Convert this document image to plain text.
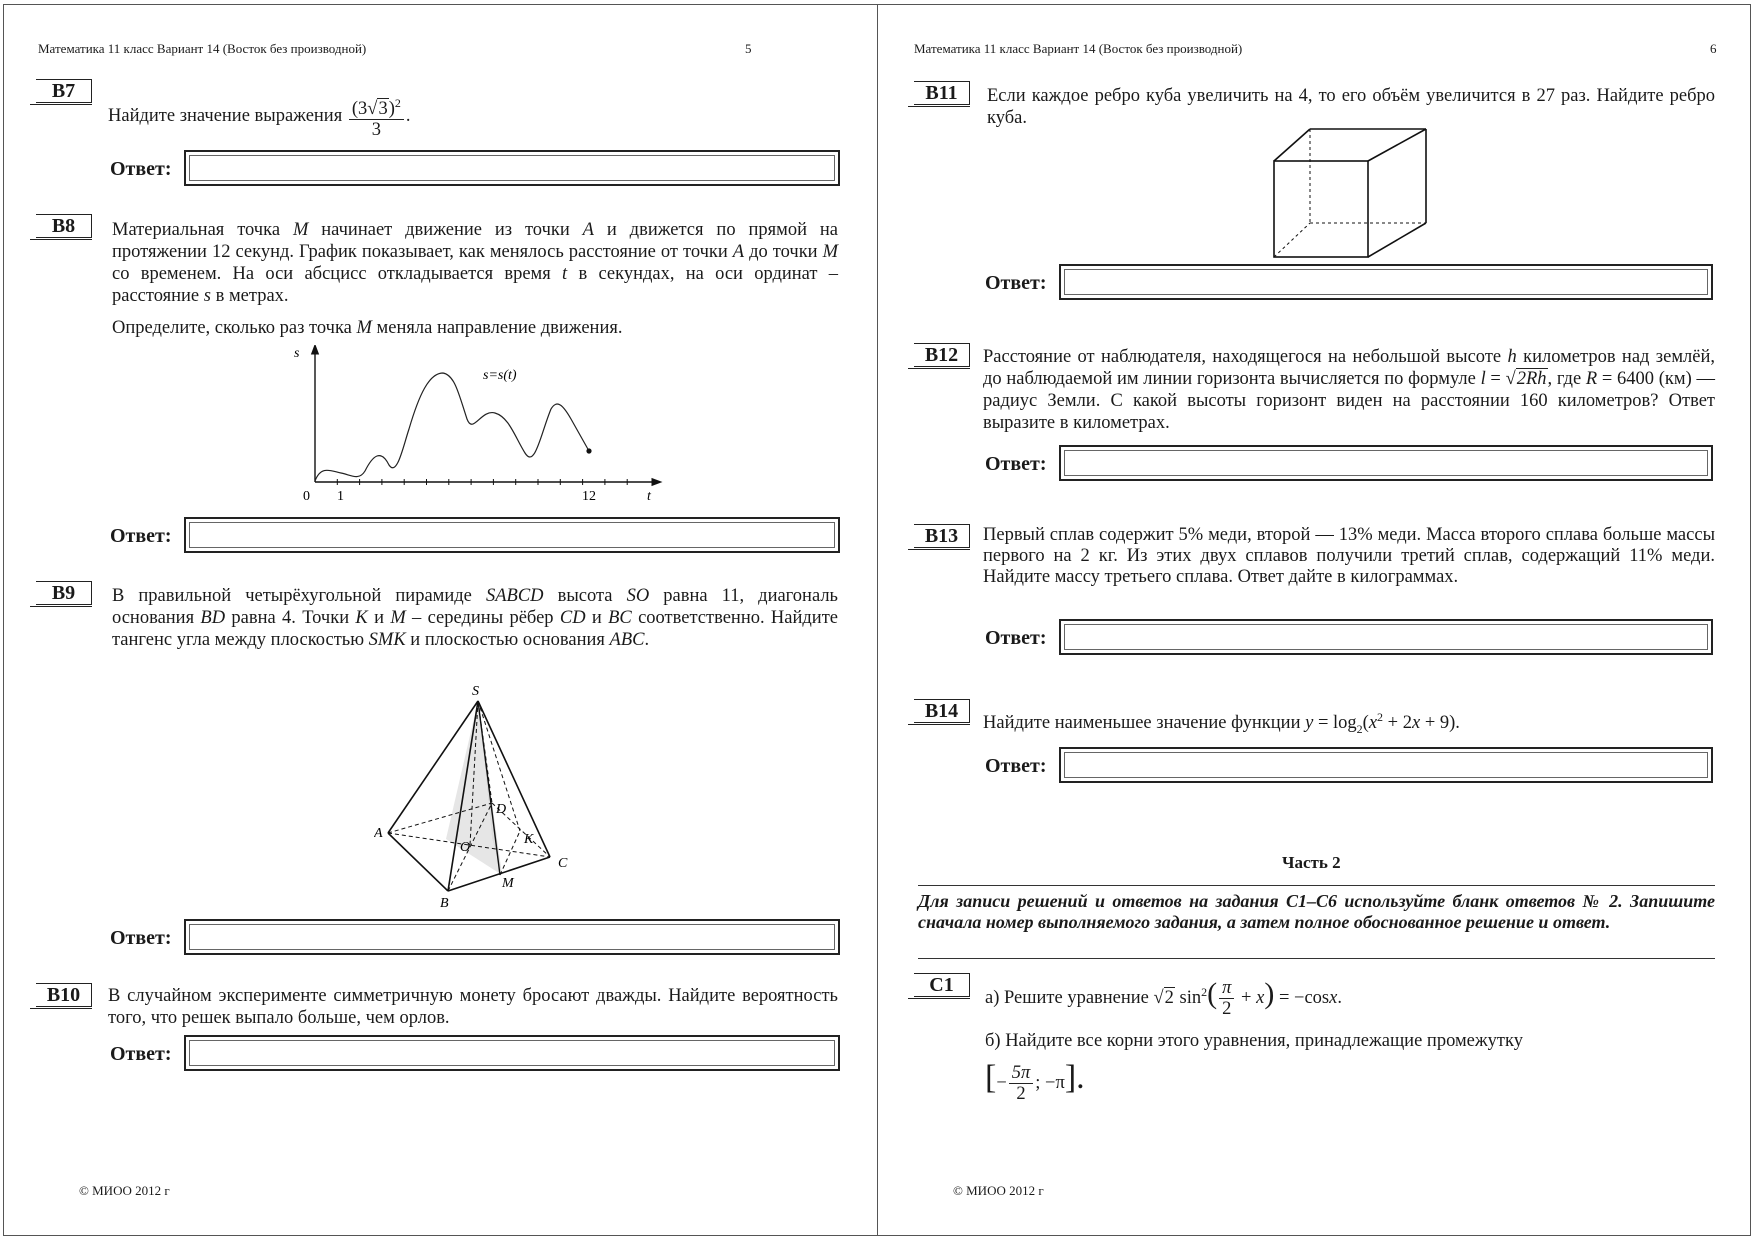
Математика 11 класс Вариант 14 (Восток без производной)	5
B7
Найдите значение выражения $\frac{(3√3)^2}{3}$ .
Ответ:
B8	Материальная точка M начинает движение из точки A и движется по прямой на протяжении 12 секунд. График показывает, как менялось расстояние от точки A до точки M со временем. На оси абсцисс откладывается время t в секундах, на оси ординат – расстояние s в метрах.
Определите, сколько раз точка M меняла направление движения.
s
t
s=s(t)
0 1	12
Ответ:
B9	В правильной четырёхугольной пирамиде SABCD высота SO равна 11, диагональ основания BD равна 4. Точки K и M – середины рёбер CD и BC соответственно. Найдите тангенс угла между плоскостью SMK и плоскостью основания ABC.
S
A
B
C
D
O
K
M
Ответ:
B10	В случайном эксперименте симметричную монету бросают дважды. Найдите вероятность того, что решек выпало больше, чем орлов.
Ответ:
© МИОО 2012 г
Математика 11 класс Вариант 14 (Восток без производной)	6
B11	Если каждое ребро куба увеличить на 4, то его объём увеличится в 27 раз. Найдите ребро куба.
Ответ:
B12	Расстояние от наблюдателя, находящегося на небольшой высоте h километров над землёй, до наблюдаемой им линии горизонта вычисляется по формуле l = √2Rh, где R = 6400 (км) — радиус Земли. С какой высоты горизонт виден на расстоянии 160 километров? Ответ выразите в километрах.
Ответ:
B13	Первый сплав содержит 5% меди, второй — 13% меди. Масса второго сплава больше массы первого на 2 кг. Из этих двух сплавов получили третий сплав, содержащий 11% меди. Найдите массу третьего сплава. Ответ дайте в килограммах.
Ответ:
B14
Найдите наименьшее значение функции $y = \log_2(x^2 + 2x + 9)$.
Ответ:
Часть 2
Для записи решений и ответов на задания С1–С6 используйте бланк ответов № 2. Запишите сначала номер выполняемого задания, а затем полное обоснованное решение и ответ.
C1
а) Решите уравнение √2 $\sin^2( \frac{\pi}{2} + x) = -\cos x$.
б) Найдите все корни этого уравнения, принадлежащие промежутку
[− $\frac{5\pi}{2}$ ; −π].
© МИОО 2012 г
